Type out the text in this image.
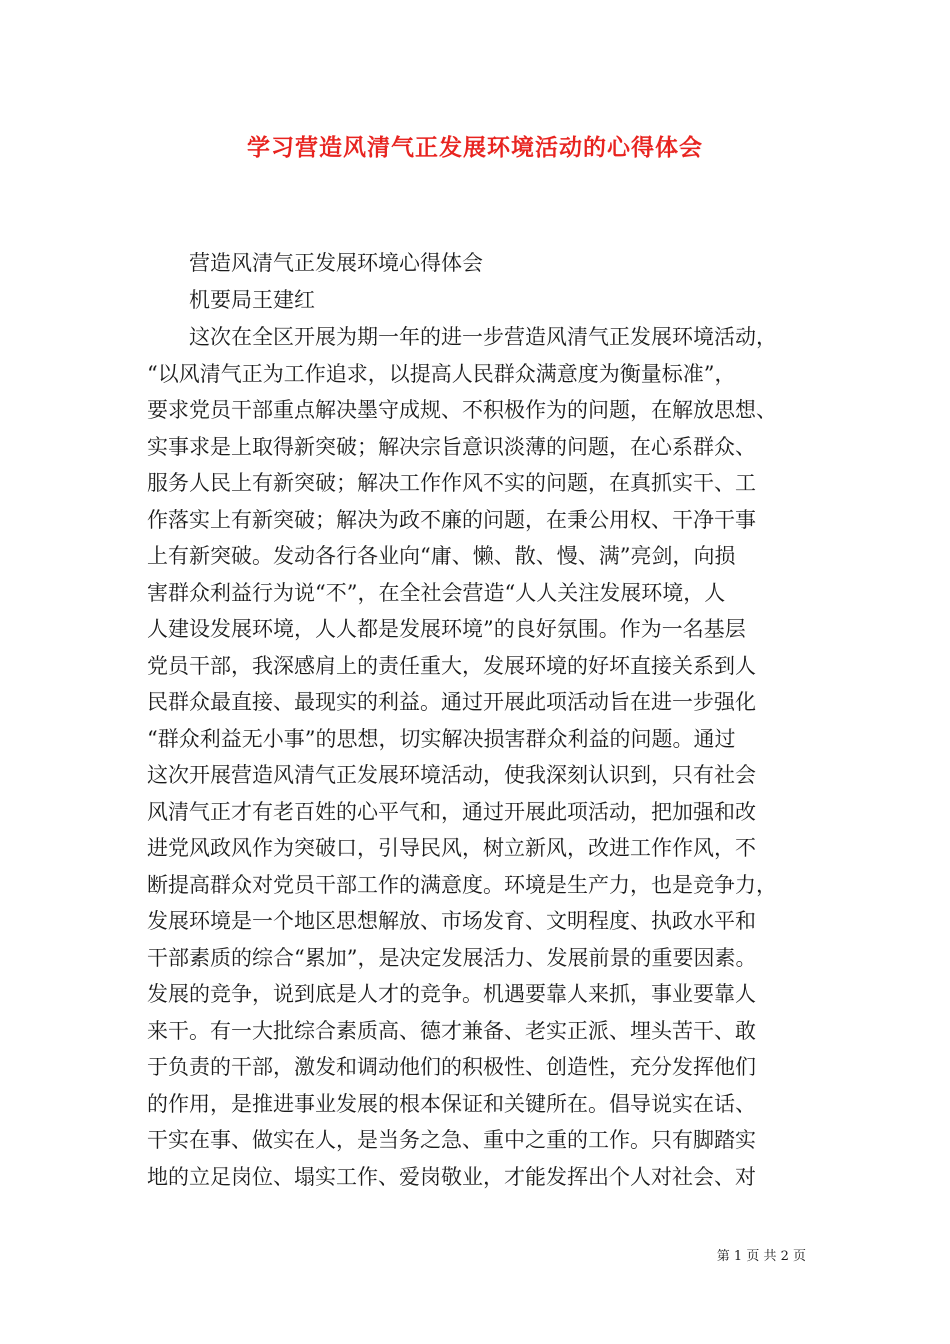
学习营造风清气正发展环境活动的心得体会
营造风清气正发展环境心得体会
机要局王建红
　　这次在全区开展为期一年的进一步营造风清气正发展环境活动，
“以风清气正为工作追求，以提高人民群众满意度为衡量标准”，
要求党员干部重点解决墨守成规、不积极作为的问题，在解放思想、
实事求是上取得新突破；解决宗旨意识淡薄的问题，在心系群众、
服务人民上有新突破；解决工作作风不实的问题，在真抓实干、工
作落实上有新突破；解决为政不廉的问题，在秉公用权、干净干事
上有新突破。发动各行各业向“庸、懒、散、慢、满”亮剑，向损
害群众利益行为说“不”，在全社会营造“人人关注发展环境，人
人建设发展环境，人人都是发展环境”的良好氛围。作为一名基层
党员干部，我深感肩上的责任重大，发展环境的好坏直接关系到人
民群众最直接、最现实的利益。通过开展此项活动旨在进一步强化
“群众利益无小事”的思想，切实解决损害群众利益的问题。通过
这次开展营造风清气正发展环境活动，使我深刻认识到，只有社会
风清气正才有老百姓的心平气和，通过开展此项活动，把加强和改
进党风政风作为突破口，引导民风，树立新风，改进工作作风，不
断提高群众对党员干部工作的满意度。环境是生产力，也是竞争力，
发展环境是一个地区思想解放、市场发育、文明程度、执政水平和
干部素质的综合“累加”，是决定发展活力、发展前景的重要因素。
发展的竞争，说到底是人才的竞争。机遇要靠人来抓，事业要靠人
来干。有一大批综合素质高、德才兼备、老实正派、埋头苦干、敢
于负责的干部，激发和调动他们的积极性、创造性，充分发挥他们
的作用，是推进事业发展的根本保证和关键所在。倡导说实在话、
干实在事、做实在人，是当务之急、重中之重的工作。只有脚踏实
地的立足岗位、塌实工作、爱岗敬业，才能发挥出个人对社会、对
第 1 页 共 2 页
